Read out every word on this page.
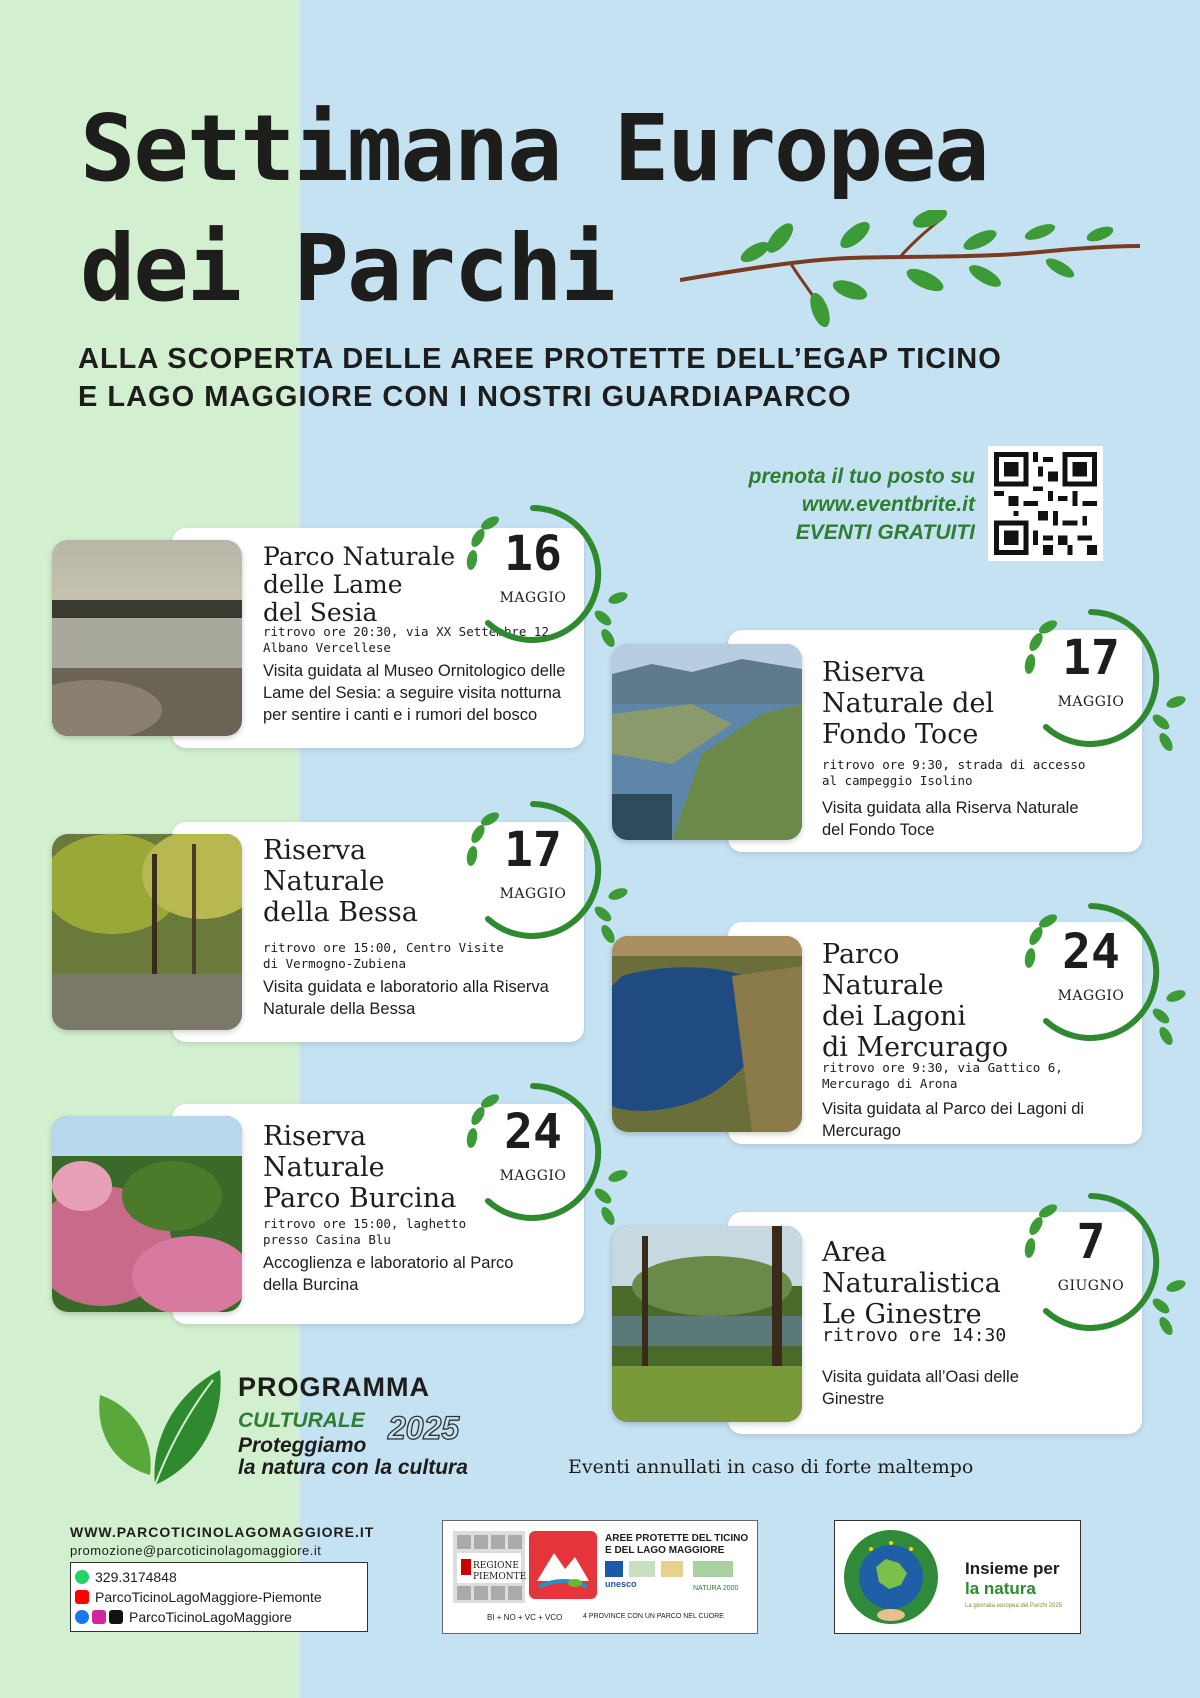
Settimana Europea
dei Parchi
ALLA SCOPERTA DELLE AREE PROTETTE DELL’EGAP TICINO
E LAGO MAGGIORE CON I NOSTRI GUARDIAPARCO
prenota il tuo posto su
www.eventbrite.it
EVENTI GRATUITI
Parco Naturale
delle Lame
del Sesia
ritrovo ore 20:30, via XX Settembre 12,
Albano Vercellese
Visita guidata al Museo Ornitologico delle Lame del Sesia: a seguire visita notturna per sentire i canti e i rumori del bosco
Riserva
Naturale del
Fondo Toce
ritrovo ore 9:30, strada di accesso
al campeggio Isolino
Visita guidata alla Riserva Naturale del Fondo Toce
Riserva
Naturale
della Bessa
ritrovo ore 15:00, Centro Visite
di Vermogno-Zubiena
Visita guidata e laboratorio alla Riserva Naturale della Bessa
Parco
Naturale
dei Lagoni
di Mercurago
ritrovo ore 9:30, via Gattico 6,
Mercurago di Arona
Visita guidata al Parco dei Lagoni di Mercurago
Riserva
Naturale
Parco Burcina
ritrovo ore 15:00, laghetto
presso Casina Blu
Accoglienza e laboratorio al Parco della Burcina
Area
Naturalistica
Le Ginestre
ritrovo ore 14:30
Visita guidata all’Oasi delle Ginestre
16
MAGGIO
17
MAGGIO
17
MAGGIO
24
MAGGIO
24
MAGGIO
7
GIUGNO
PROGRAMMA
CULTURALE 2025
Proteggiamo
la natura con la cultura	Eventi annullati in caso di forte maltempo
WWW.PARCOTICINOLAGOMAGGIORE.IT
promozione@parcoticinolagomaggiore.it
329.3174848
ParcoTicinoLagoMaggiore-Piemonte
ParcoTicinoLagoMaggiore
REGIONE
PIEMONTE
AREE PROTETTE DEL TICINO
E DEL LAGO MAGGIORE
unesco	NATURA 2000
BI + NO + VC + VCO	4 PROVINCE CON UN PARCO NEL CUORE
THE EUROPEAN DAY OF PARKS
Insieme per
la natura
La giornata europea dei Parchi 2025
